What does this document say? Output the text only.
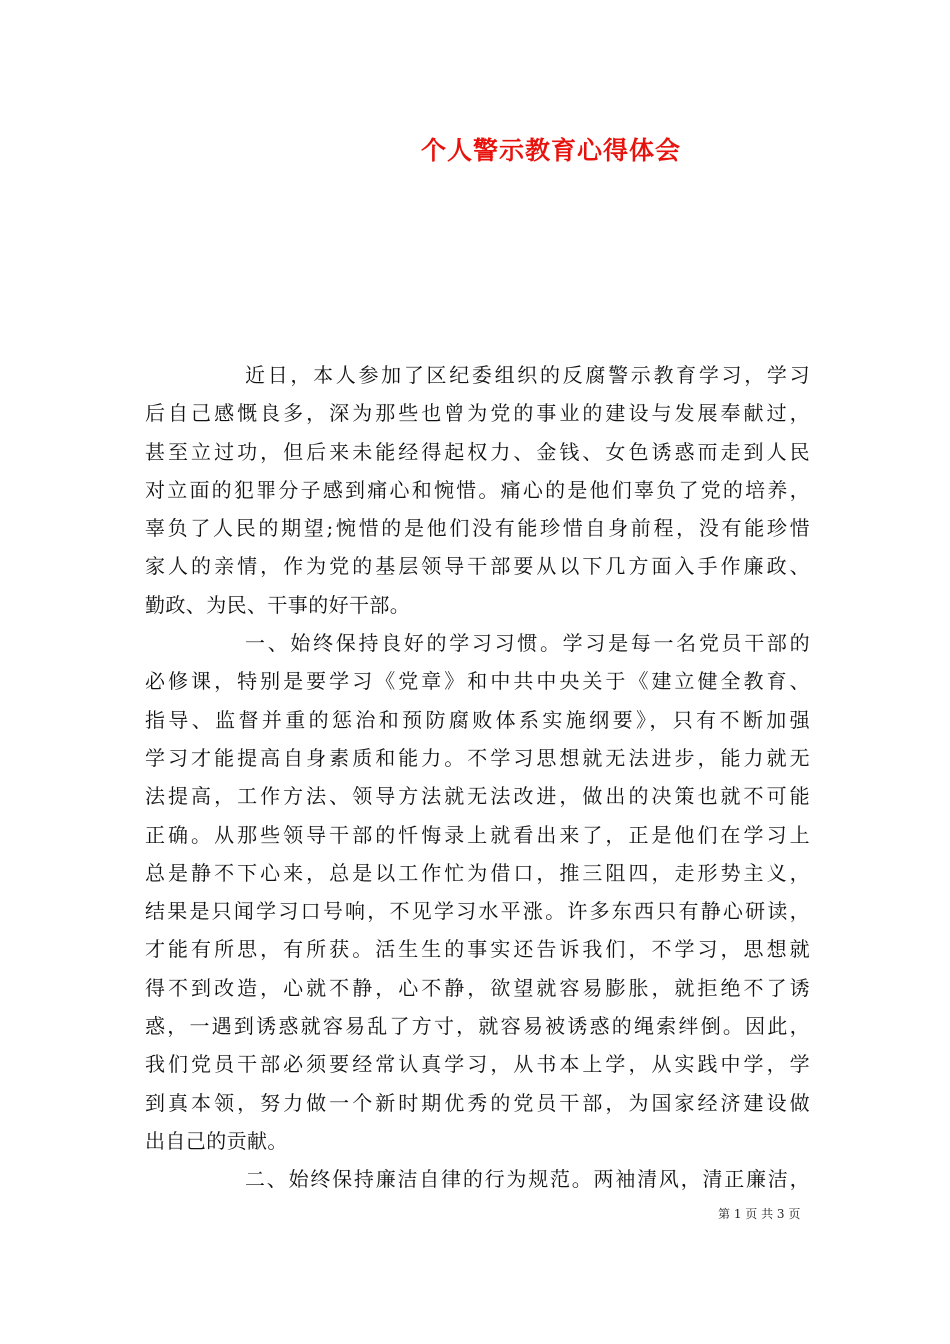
个人警示教育心得体会
近日，本人参加了区纪委组织的反腐警示教育学习，学习
后自己感慨良多，深为那些也曾为党的事业的建设与发展奉献过，
甚至立过功，但后来未能经得起权力、金钱、女色诱惑而走到人民
对立面的犯罪分子感到痛心和惋惜。痛心的是他们辜负了党的培养，
辜负了人民的期望;惋惜的是他们没有能珍惜自身前程，没有能珍惜
家人的亲情，作为党的基层领导干部要从以下几方面入手作廉政、
勤政、为民、干事的好干部。
一、始终保持良好的学习习惯。学习是每一名党员干部的
必修课，特别是要学习《党章》和中共中央关于《建立健全教育、
指导、监督并重的惩治和预防腐败体系实施纲要》，只有不断加强
学习才能提高自身素质和能力。不学习思想就无法进步，能力就无
法提高，工作方法、领导方法就无法改进，做出的决策也就不可能
正确。从那些领导干部的忏悔录上就看出来了，正是他们在学习上
总是静不下心来，总是以工作忙为借口，推三阻四，走形势主义，
结果是只闻学习口号响，不见学习水平涨。许多东西只有静心研读，
才能有所思，有所获。活生生的事实还告诉我们，不学习，思想就
得不到改造，心就不静，心不静，欲望就容易膨胀，就拒绝不了诱
惑，一遇到诱惑就容易乱了方寸，就容易被诱惑的绳索绊倒。因此，
我们党员干部必须要经常认真学习，从书本上学，从实践中学，学
到真本领，努力做一个新时期优秀的党员干部，为国家经济建设做
出自己的贡献。
二、始终保持廉洁自律的行为规范。两袖清风，清正廉洁，
第 1 页 共 3 页
